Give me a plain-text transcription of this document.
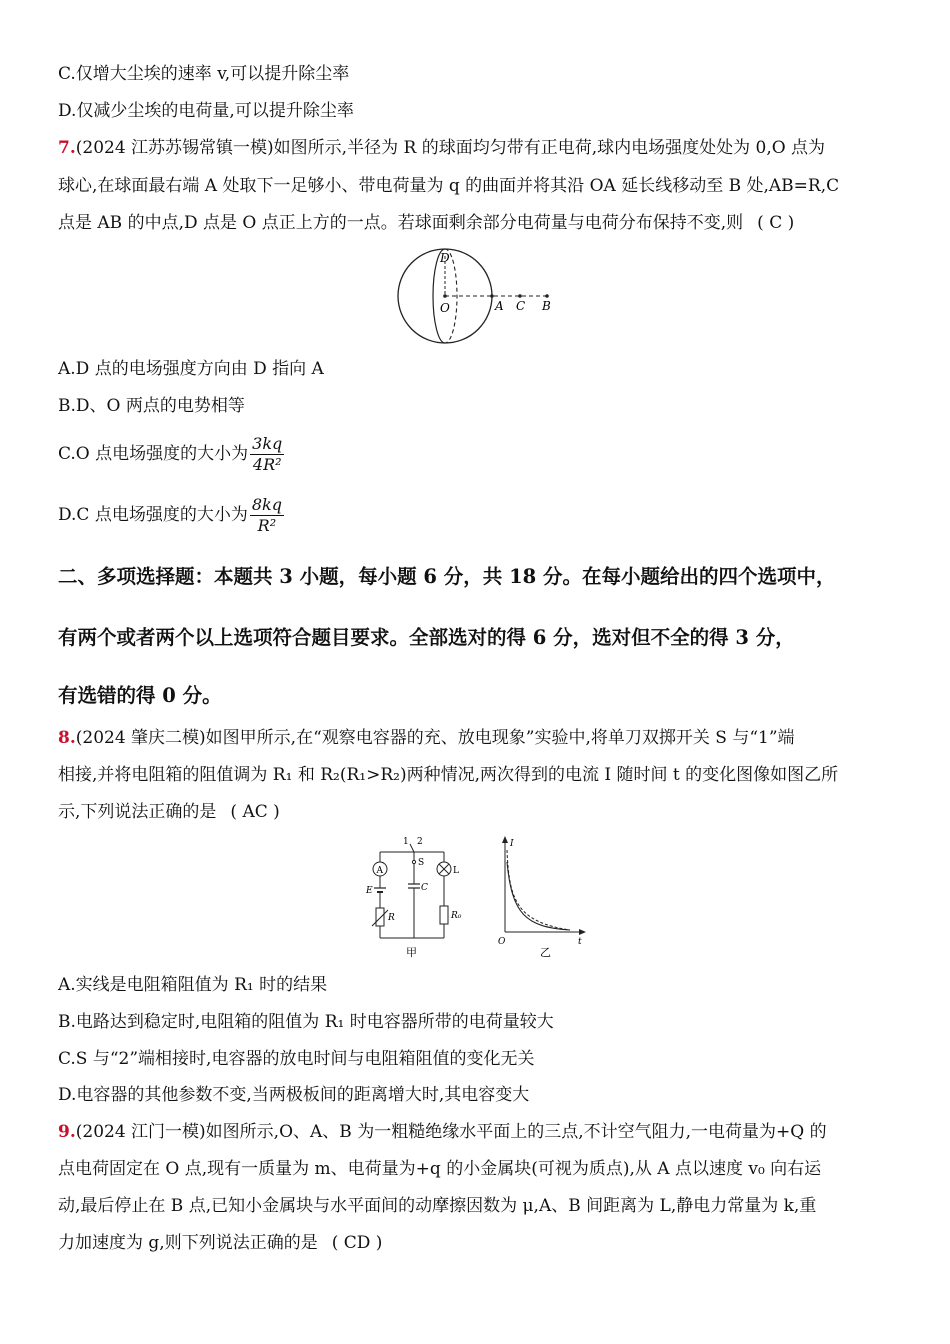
C.仅增大尘埃的速率 v,可以提升除尘率
D.仅减少尘埃的电荷量,可以提升除尘率
7.(2024 江苏苏锡常镇一模)如图所示,半径为 R 的球面均匀带有正电荷,球内电场强度处处为 0,O 点为
球心,在球面最右端 A 处取下一足够小、带电荷量为 q 的曲面并将其沿 OA 延长线移动至 B 处,AB=R,C
点是 AB 的中点,D 点是 O 点正上方的一点。若球面剩余部分电荷量与电荷分布保持不变,则 ( C )
D
O	A C B
A.D 点的电场强度方向由 D 指向 A
B.D、O 两点的电势相等
C.O 点电场强度的大小为 $\frac{3kq}{\text{4R²}}$
D.C 点电场强度的大小为 $\frac{8kq}{\text{R²}}$
二、多项选择题：本题共 3 小题，每小题 6 分，共 18 分。在每小题给出的四个选项中，
有两个或者两个以上选项符合题目要求。全部选对的得 6 分，选对但不全的得 3 分，
有选错的得 0 分。
8.(2024 肇庆二模)如图甲所示,在“观察电容器的充、放电现象”实验中,将单刀双掷开关 S 与“1”端
相接,并将电阻箱的阻值调为 R₁ 和 R₂(R₁>R₂)两种情况,两次得到的电流 I 随时间 t 的变化图像如图乙所
示,下列说法正确的是 ( AC )
A
E
R
1 2
S
C
L
R₀
甲
I
O	t
乙
A.实线是电阻箱阻值为 R₁ 时的结果
B.电路达到稳定时,电阻箱的阻值为 R₁ 时电容器所带的电荷量较大
C.S 与“2”端相接时,电容器的放电时间与电阻箱阻值的变化无关
D.电容器的其他参数不变,当两极板间的距离增大时,其电容变大
9.(2024 江门一模)如图所示,O、A、B 为一粗糙绝缘水平面上的三点,不计空气阻力,一电荷量为+Q 的
点电荷固定在 O 点,现有一质量为 m、电荷量为+q 的小金属块(可视为质点),从 A 点以速度 v₀ 向右运
动,最后停止在 B 点,已知小金属块与水平面间的动摩擦因数为 μ,A、B 间距离为 L,静电力常量为 k,重
力加速度为 g,则下列说法正确的是 ( CD )
